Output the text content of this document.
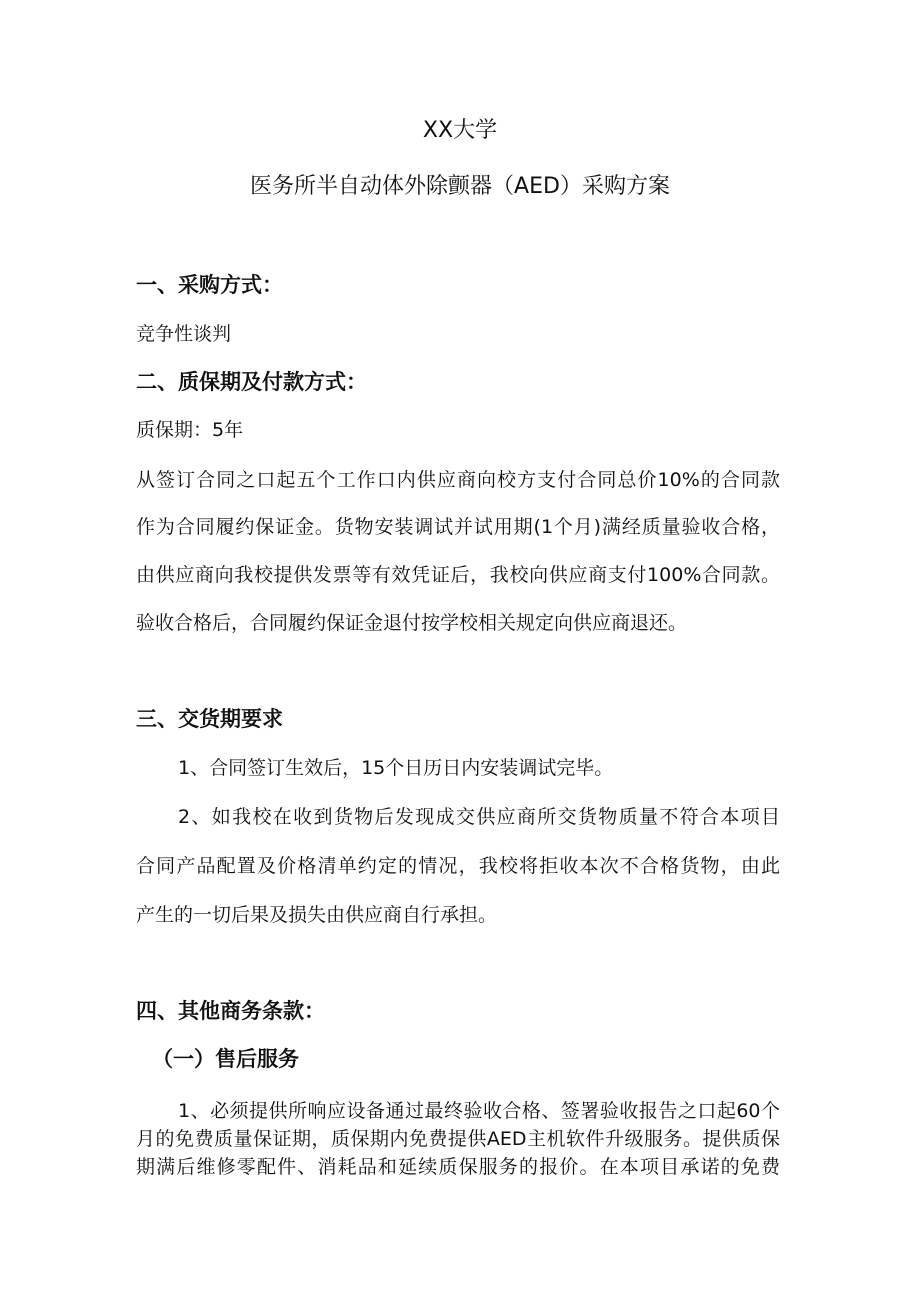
XX大学

医务所半自动体外除颤器（AED）采购方案

一、采购方式：

竞争性谈判

二、质保期及付款方式：

质保期：5年

从签订合同之口起五个工作口内供应商向校方支付合同总价10%的合同款

作为合同履约保证金。货物安装调试并试用期(1个月)满经质量验收合格，

由供应商向我校提供发票等有效凭证后，我校向供应商支付100%合同款。

验收合格后，合同履约保证金退付按学校相关规定向供应商退还。

三、交货期要求

1、合同签订生效后，15个日历日内安装调试完毕。

2、如我校在收到货物后发现成交供应商所交货物质量不符合本项目

合同产品配置及价格清单约定的情况，我校将拒收本次不合格货物，由此

产生的一切后果及损失由供应商自行承担。

四、其他商务条款：

（一）售后服务

1、必须提供所响应设备通过最终验收合格、签署验收报告之口起60个

月的免费质量保证期，质保期内免费提供AED主机软件升级服务。提供质保

期满后维修零配件、消耗品和延续质保服务的报价。在本项目承诺的免费
